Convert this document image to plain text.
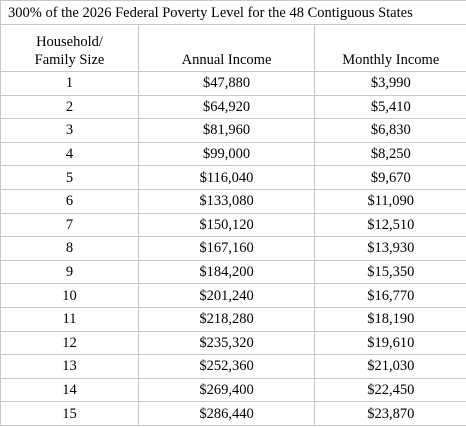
300% of the 2026 Federal Poverty Level for the 48 Contiguous States
Household/
Family Size	Annual Income	Monthly Income
1	$47,880	$3,990
2	$64,920	$5,410
3	$81,960	$6,830
4	$99,000	$8,250
5	$116,040	$9,670
6	$133,080	$11,090
7	$150,120	$12,510
8	$167,160	$13,930
9	$184,200	$15,350
10	$201,240	$16,770
11	$218,280	$18,190
12	$235,320	$19,610
13	$252,360	$21,030
14	$269,400	$22,450
15	$286,440	$23,870
